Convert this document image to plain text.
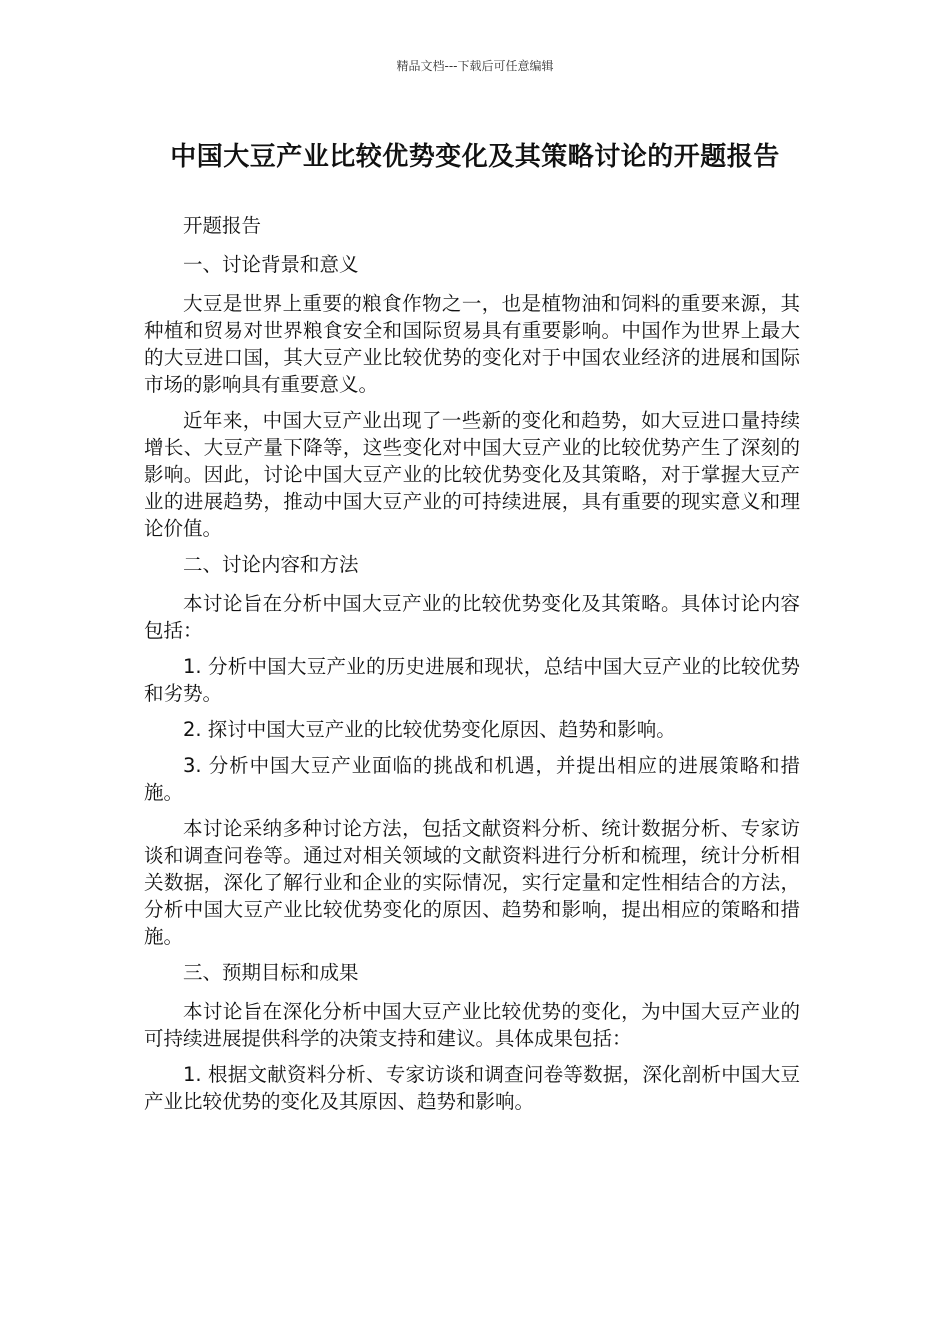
精品文档---下载后可任意编辑
中国大豆产业比较优势变化及其策略讨论的开题报告

开题报告

一、讨论背景和意义

大豆是世界上重要的粮食作物之一，也是植物油和饲料的重要来源，其种植和贸易对世界粮食安全和国际贸易具有重要影响。中国作为世界上最大的大豆进口国，其大豆产业比较优势的变化对于中国农业经济的进展和国际市场的影响具有重要意义。

近年来，中国大豆产业出现了一些新的变化和趋势，如大豆进口量持续增长、大豆产量下降等，这些变化对中国大豆产业的比较优势产生了深刻的影响。因此，讨论中国大豆产业的比较优势变化及其策略，对于掌握大豆产业的进展趋势，推动中国大豆产业的可持续进展，具有重要的现实意义和理论价值。

二、讨论内容和方法

本讨论旨在分析中国大豆产业的比较优势变化及其策略。具体讨论内容包括：

1. 分析中国大豆产业的历史进展和现状，总结中国大豆产业的比较优势和劣势。

2. 探讨中国大豆产业的比较优势变化原因、趋势和影响。

3. 分析中国大豆产业面临的挑战和机遇，并提出相应的进展策略和措施。

本讨论采纳多种讨论方法，包括文献资料分析、统计数据分析、专家访谈和调查问卷等。通过对相关领域的文献资料进行分析和梳理，统计分析相关数据，深化了解行业和企业的实际情况，实行定量和定性相结合的方法，分析中国大豆产业比较优势变化的原因、趋势和影响，提出相应的策略和措施。

三、预期目标和成果

本讨论旨在深化分析中国大豆产业比较优势的变化，为中国大豆产业的可持续进展提供科学的决策支持和建议。具体成果包括：

1. 根据文献资料分析、专家访谈和调查问卷等数据，深化剖析中国大豆产业比较优势的变化及其原因、趋势和影响。
